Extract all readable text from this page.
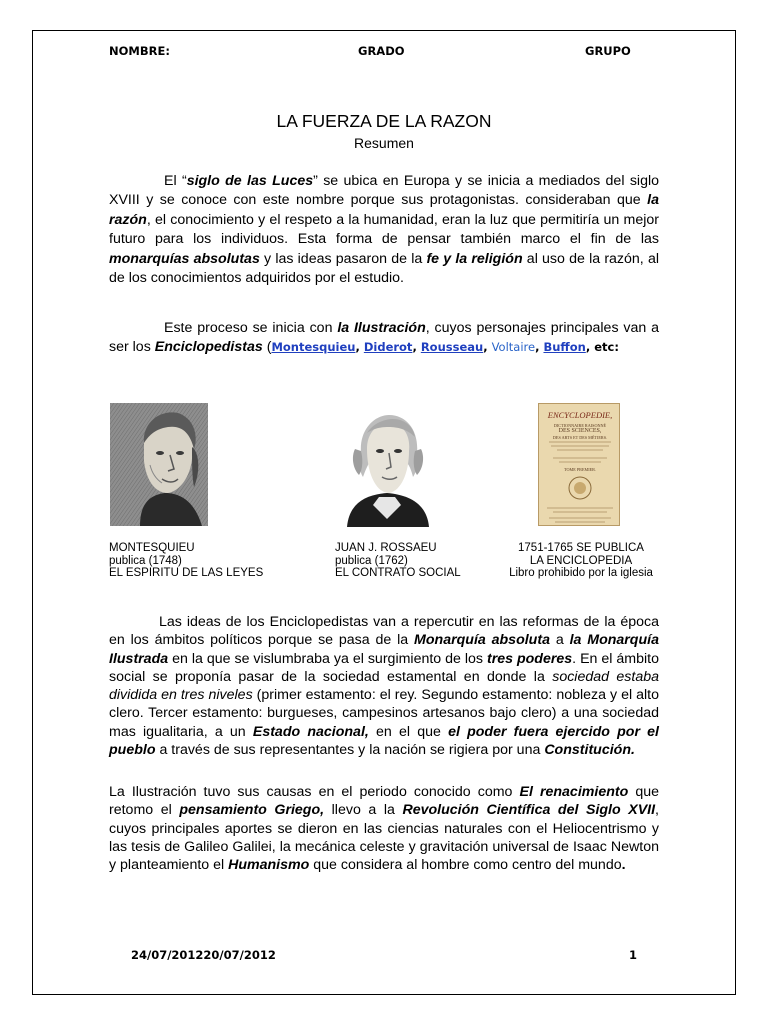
NOMBRE:	GRADO	GRUPO
LA FUERZA DE LA RAZON
Resumen
El “siglo de las Luces” se ubica en Europa y se inicia a mediados del siglo XVIII y se conoce con este nombre porque sus protagonistas. consideraban que la razón, el conocimiento y el respeto a la humanidad, eran la luz que permitiría un mejor futuro para los individuos. Esta forma de pensar también marco el fin de las monarquías absolutas y las ideas pasaron de la fe y la religión al uso de la razón, al de los conocimientos adquiridos por el estudio.
Este proceso se inicia con la Ilustración, cuyos personajes principales van a ser los Enciclopedistas (Montesquieu, Diderot, Rousseau, Voltaire, Buffon, etc:
ENCYCLOPEDIE,
DICTIONNAIRE RAISONNÉ
DES SCIENCES,
DES ARTS ET DES MÉTIERS.
TOME PREMIER.
MONTESQUIEU
publica (1748)
EL ESPIRITU DE LAS LEYES
JUAN J. ROSSAEU
publica (1762)
EL CONTRATO SOCIAL
1751-1765 SE PUBLICA
LA ENCICLOPEDIA
Libro prohibido por la iglesia
Las ideas de los Enciclopedistas van a repercutir en las reformas de la época en los ámbitos políticos porque se pasa de la Monarquía absoluta a la Monarquía Ilustrada en la que se vislumbraba ya el surgimiento de los tres poderes. En el ámbito social se proponía pasar de la sociedad estamental en donde la sociedad estaba dividida en tres niveles (primer estamento: el rey. Segundo estamento: nobleza y el alto clero. Tercer estamento: burgueses, campesinos artesanos bajo clero) a una sociedad mas igualitaria, a un Estado nacional, en el que el poder fuera ejercido por el pueblo a través de sus representantes y la nación se rigiera por una Constitución.
La Ilustración tuvo sus causas en el periodo conocido como El renacimiento que retomo el pensamiento Griego, llevo a la Revolución Científica del Siglo XVII, cuyos principales aportes se dieron en las ciencias naturales con el Heliocentrismo y las tesis de Galileo Galilei, la mecánica celeste y gravitación universal de Isaac Newton y planteamiento el Humanismo que considera al hombre como centro del mundo.
24/07/201220/07/2012	1
